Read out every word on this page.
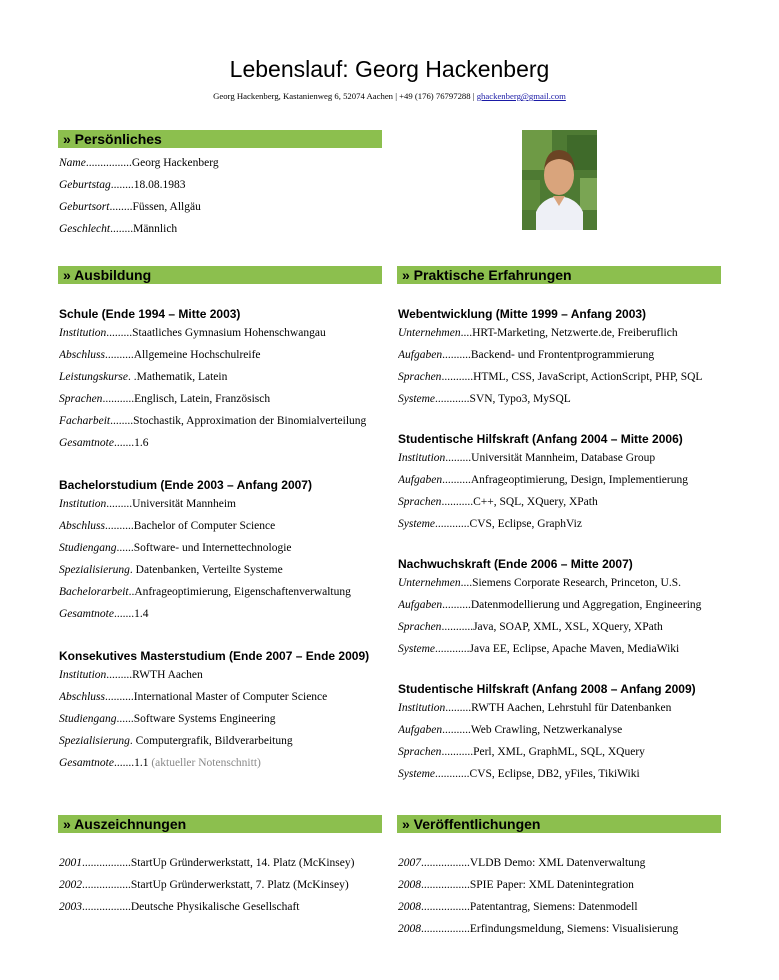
Lebenslauf: Georg Hackenberg
Georg Hackenberg, Kastanienweg 6, 52074 Aachen | +49 (176) 76797288 | ghackenberg@gmail.com
» Persönliches
Name................Georg Hackenberg
Geburtstag........18.08.1983
Geburtsort........Füssen, Allgäu
Geschlecht........Männlich
» Ausbildung
Schule (Ende 1994 – Mitte 2003)
Institution.........Staatliches Gymnasium Hohenschwangau
Abschluss..........Allgemeine Hochschulreife
Leistungskurse. .Mathematik, Latein
Sprachen...........Englisch, Latein, Französisch
Facharbeit........Stochastik, Approximation der Binomialverteilung
Gesamtnote.......1.6
Bachelorstudium (Ende 2003 – Anfang 2007)
Institution.........Universität Mannheim
Abschluss..........Bachelor of Computer Science
Studiengang......Software- und Internettechnologie
Spezialisierung. Datenbanken, Verteilte Systeme
Bachelorarbeit..Anfrageoptimierung, Eigenschaftenverwaltung
Gesamtnote.......1.4
Konsekutives Masterstudium (Ende 2007 – Ende 2009)
Institution.........RWTH Aachen
Abschluss..........International Master of Computer Science
Studiengang......Software Systems Engineering
Spezialisierung. Computergrafik, Bildverarbeitung
Gesamtnote.......1.1 (aktueller Notenschnitt)
» Praktische Erfahrungen
Webentwicklung (Mitte 1999 – Anfang 2003)
Unternehmen....HRT-Marketing, Netzwerte.de, Freiberuflich
Aufgaben..........Backend- und Frontentprogrammierung
Sprachen...........HTML, CSS, JavaScript, ActionScript, PHP, SQL
Systeme............SVN, Typo3, MySQL
Studentische Hilfskraft (Anfang 2004 – Mitte 2006)
Institution.........Universität Mannheim, Database Group
Aufgaben..........Anfrageoptimierung, Design, Implementierung
Sprachen...........C++, SQL, XQuery, XPath
Systeme............CVS, Eclipse, GraphViz
Nachwuchskraft (Ende 2006 – Mitte 2007)
Unternehmen....Siemens Corporate Research, Princeton, U.S.
Aufgaben..........Datenmodellierung und Aggregation, Engineering
Sprachen...........Java, SOAP, XML, XSL, XQuery, XPath
Systeme............Java EE, Eclipse, Apache Maven, MediaWiki
Studentische Hilfskraft (Anfang 2008 – Anfang 2009)
Institution.........RWTH Aachen, Lehrstuhl für Datenbanken
Aufgaben..........Web Crawling, Netzwerkanalyse
Sprachen...........Perl, XML, GraphML, SQL, XQuery
Systeme............CVS, Eclipse, DB2, yFiles, TikiWiki
» Auszeichnungen
2001.................StartUp Gründerwerkstatt, 14. Platz (McKinsey)
2002.................StartUp Gründerwerkstatt, 7. Platz (McKinsey)
2003.................Deutsche Physikalische Gesellschaft
» Veröffentlichungen
2007.................VLDB Demo: XML Datenverwaltung
2008.................SPIE Paper: XML Datenintegration
2008.................Patentantrag, Siemens: Datenmodell
2008.................Erfindungsmeldung, Siemens: Visualisierung
